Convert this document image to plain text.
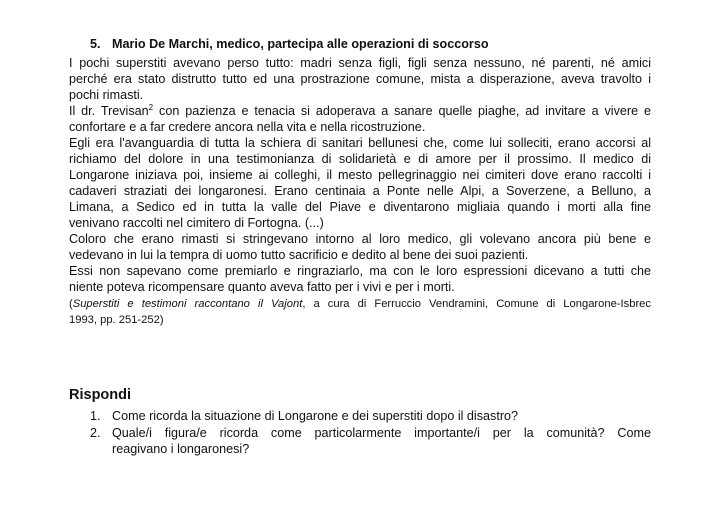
5. Mario De Marchi, medico, partecipa alle operazioni di soccorso
I pochi superstiti avevano perso tutto: madri senza figli, figli senza nessuno, né parenti, né amici
perché era stato distrutto tutto ed una prostrazione comune, mista a disperazione, aveva travolto i
pochi rimasti.
Il dr. Trevisan$^2$ con pazienza e tenacia si adoperava a sanare quelle piaghe, ad invitare a vivere e
confortare e a far credere ancora nella vita e nella ricostruzione.
Egli era l'avanguardia di tutta la schiera di sanitari bellunesi che, come lui solleciti, erano accorsi al
richiamo del dolore in una testimonianza di solidarietà e di amore per il prossimo. Il medico di
Longarone iniziava poi, insieme ai colleghi, il mesto pellegrinaggio nei cimiteri dove erano raccolti i
cadaveri straziati dei longaronesi. Erano centinaia a Ponte nelle Alpi, a Soverzene, a Belluno, a
Limana, a Sedico ed in tutta la valle del Piave e diventarono migliaia quando i morti alla fine
venivano raccolti nel cimitero di Fortogna. (...)
Coloro che erano rimasti si stringevano intorno al loro medico, gli volevano ancora più bene e
vedevano in lui la tempra di uomo tutto sacrificio e dedito al bene dei suoi pazienti.
Essi non sapevano come premiarlo e ringraziarlo, ma con le loro espressioni dicevano a tutti che
niente poteva ricompensare quanto aveva fatto per i vivi e per i morti.
(Superstiti e testimoni raccontano il Vajont, a cura di Ferruccio Vendramini, Comune di Longarone-Isbrec
1993, pp. 251-252)
Rispondi
1. Come ricorda la situazione di Longarone e dei superstiti dopo il disastro?
2. Quale/i figura/e ricorda come particolarmente importante/i per la comunità? Come
reagivano i longaronesi?
